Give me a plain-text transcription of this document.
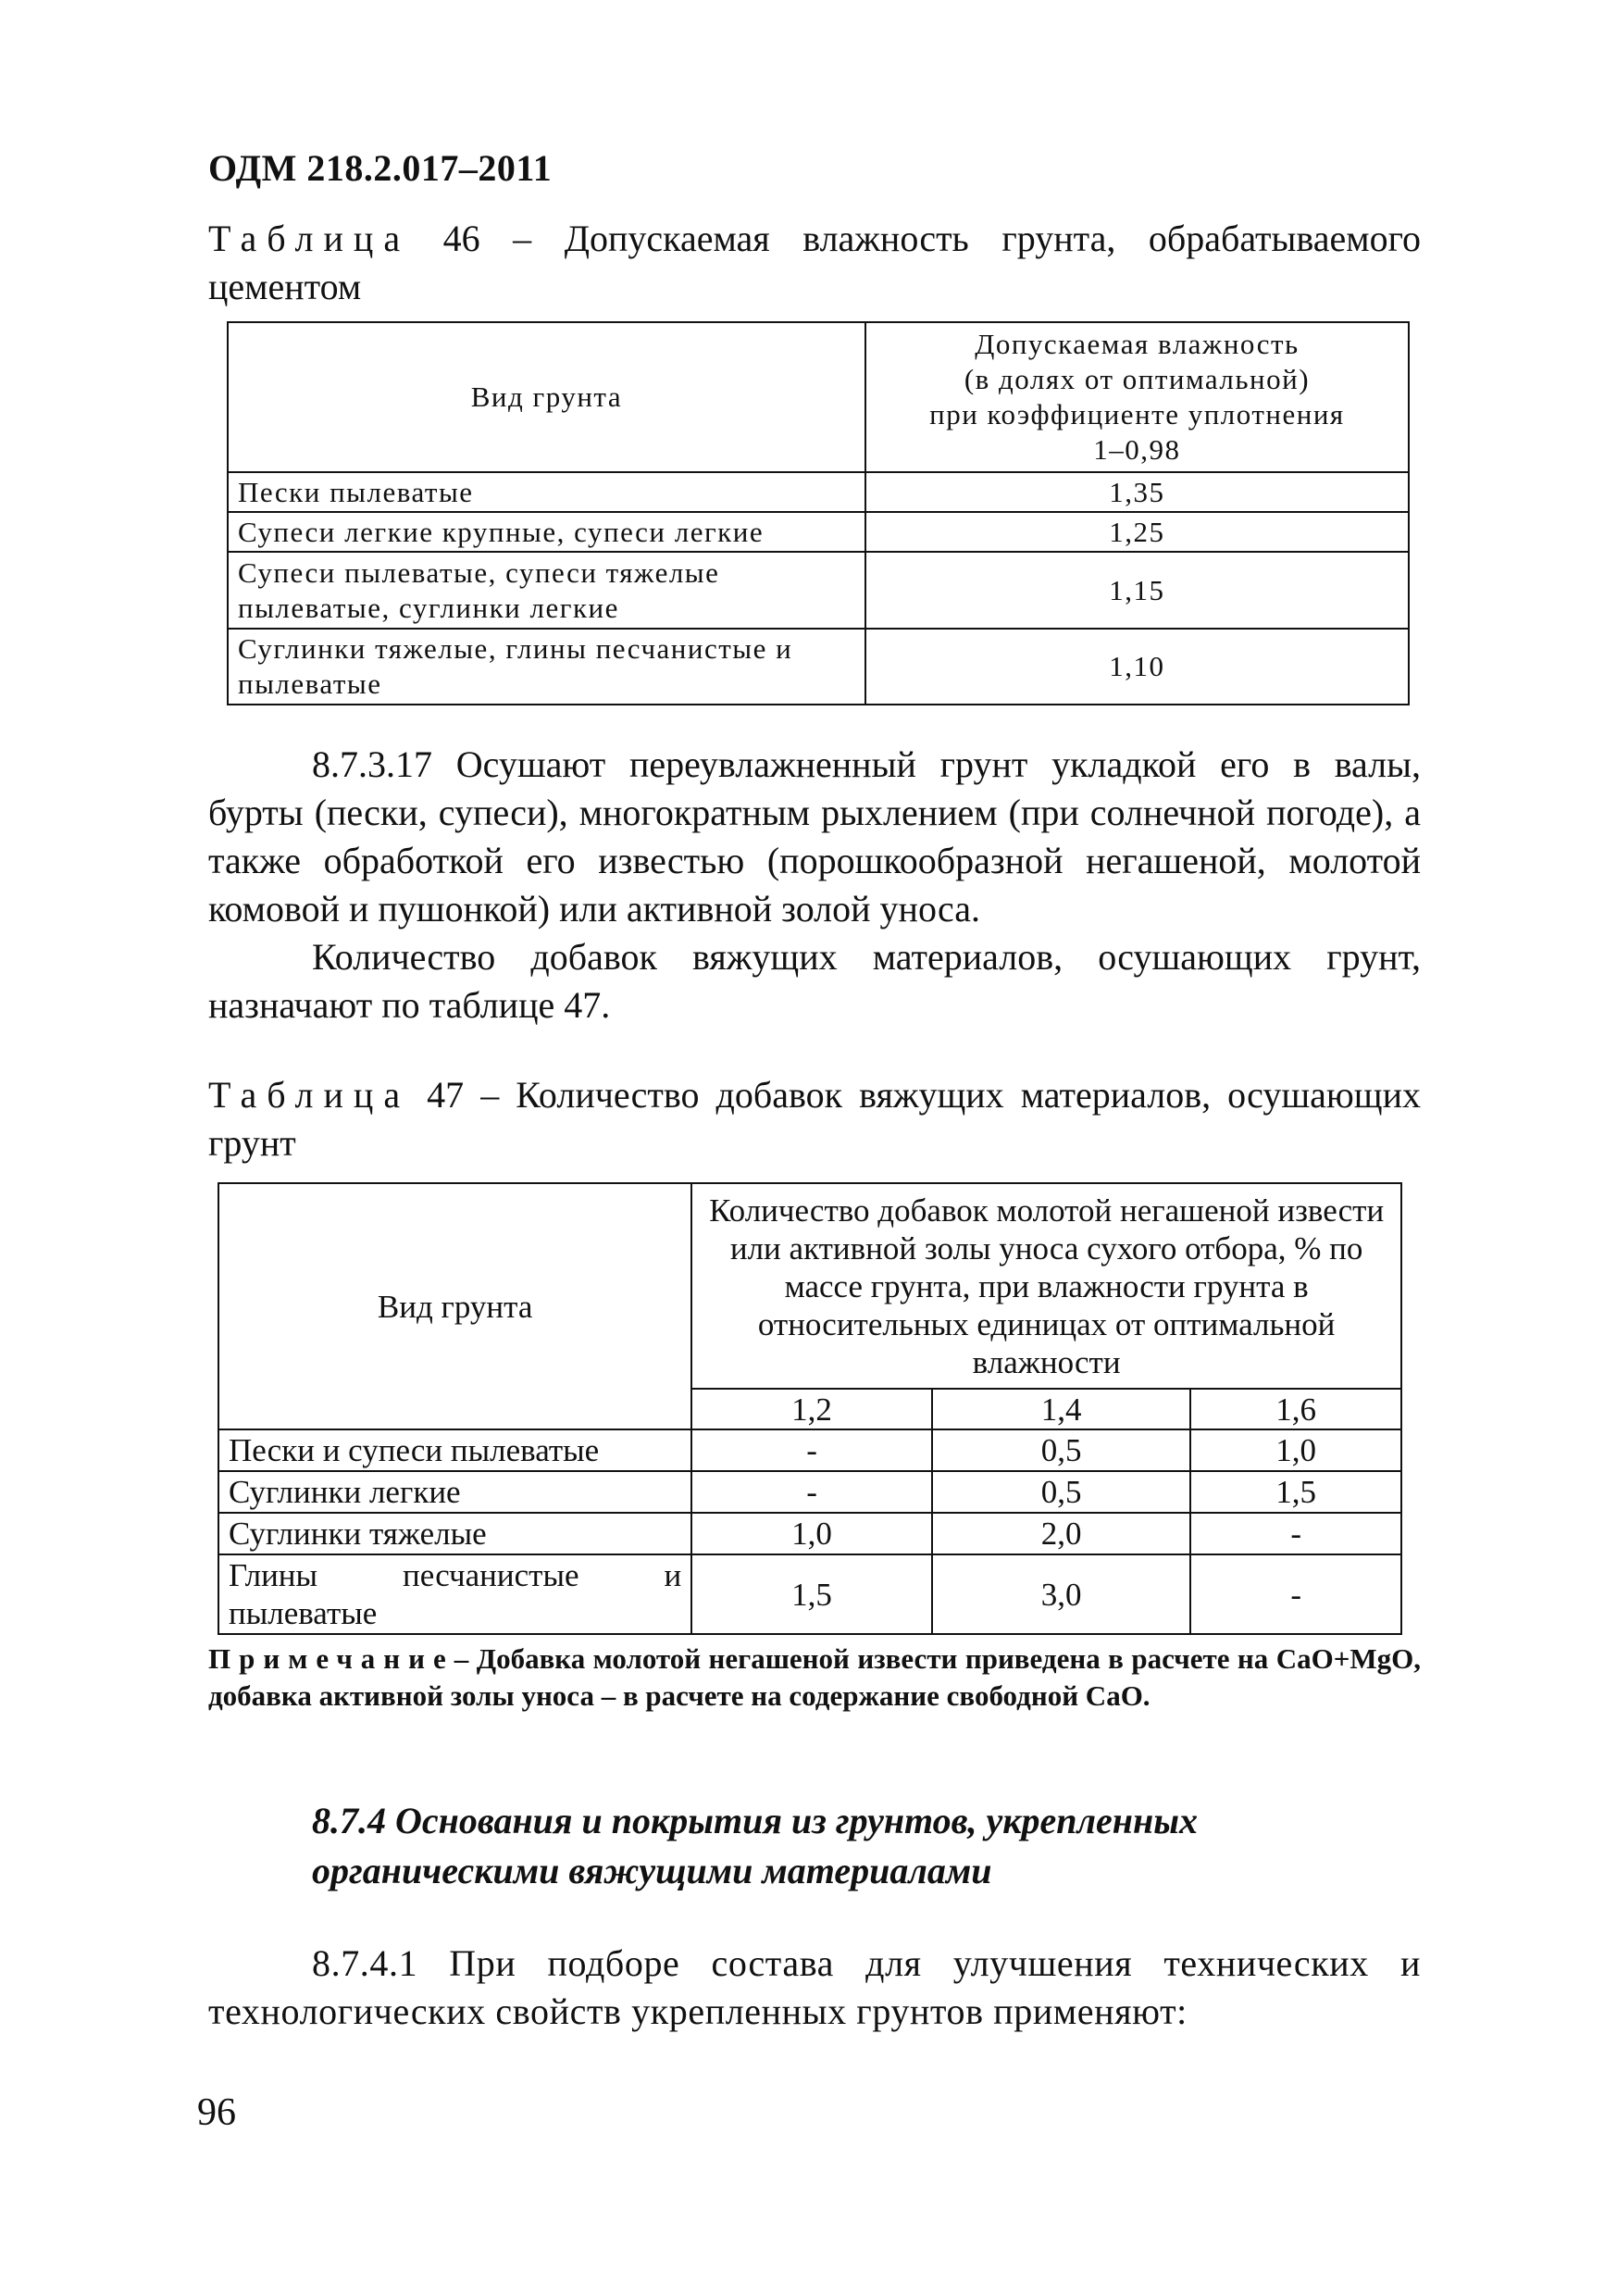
ОДМ 218.2.017–2011
Таблица 46 – Допускаемая влажность грунта, обрабатываемого цементом
Вид грунта	Допускаемая влажность
(в долях от оптимальной)
при коэффициенте уплотнения
1–0,98

Пески пылеватые	1,35
Супеси легкие крупные, супеси легкие	1,25
Супеси пылеватые, супеси тяжелые пылеватые, суглинки легкие	1,15
Суглинки тяжелые, глины песчанистые и пылеватые	1,10
8.7.3.17 Осушают переувлажненный грунт укладкой его в валы, бурты (пески, супеси), многократным рыхлением (при солнечной погоде), а также обработкой его известью (порошкообразной негашеной, молотой комовой и пушонкой) или активной золой уноса.
Количество добавок вяжущих материалов, осушающих грунт, назначают по таблице 47.
Таблица 47 – Количество добавок вяжущих материалов, осушающих грунт
Вид грунта	Количество добавок молотой негашеной извести или активной золы уноса сухого отбора, % по массе грунта, при влажности грунта в относительных единицах от оптимальной влажности		
	1,2	1,4	1,6
Пески и супеси пылеватые	-	0,5	1,0
Суглинки легкие	-	0,5	1,5
Суглинки тяжелые	1,0	2,0	-
Глины песчанистые и пылеватые	1,5	3,0	-
Примечание– Добавка молотой негашеной извести приведена в расчете на CaO+MgO, добавка активной золы уноса – в расчете на содержание свободной CaO.
8.7.4 Основания и покрытия из грунтов, укрепленных
органическими вяжущими материалами
8.7.4.1 При подборе состава для улучшения технических и технологических свойств укрепленных грунтов применяют:
96
